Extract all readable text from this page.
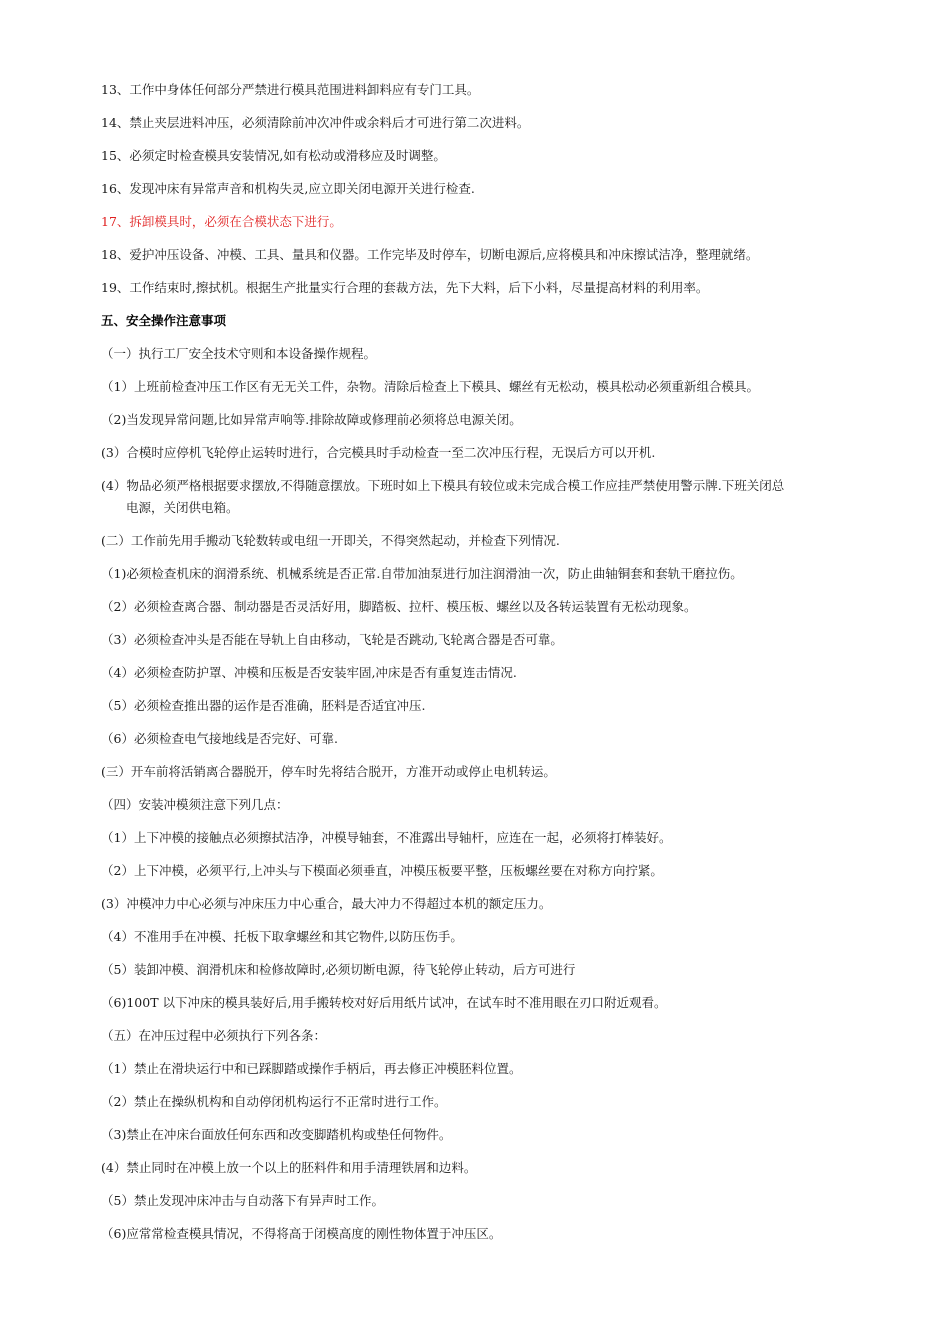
13、工作中身体任何部分严禁进行模具范围进料卸料应有专门工具。
14、禁止夹层进料冲压，必须清除前冲次冲件或余料后才可进行第二次进料。
15、必须定时检查模具安装情况,如有松动或滑移应及时调整。
16、发现冲床有异常声音和机构失灵,应立即关闭电源开关进行检查.
17、拆卸模具时，必须在合模状态下进行。
18、爱护冲压设备、冲模、工具、量具和仪器。工作完毕及时停车，切断电源后,应将模具和冲床擦试洁净，整理就绪。
19、工作结束时,擦拭机。根据生产批量实行合理的套裁方法，先下大料，后下小料，尽量提高材料的利用率。
五、安全操作注意事项
（一）执行工厂安全技术守则和本设备操作规程。
（1）上班前检查冲压工作区有无无关工件，杂物。清除后检查上下模具、螺丝有无松动，模具松动必须重新组合模具。
（2)当发现异常问题,比如异常声响等.排除故障或修理前必须将总电源关闭。
(3）合模时应停机飞轮停止运转时进行，合完模具时手动检查一至二次冲压行程，无误后方可以开机.
(4）物品必须严格根据要求摆放,不得随意摆放。下班时如上下模具有较位或未完成合模工作应挂严禁使用警示牌.下班关闭总
电源，关闭供电箱。
(二）工作前先用手搬动飞轮数转或电纽一开即关，不得突然起动，并检查下列情况.
（1)必须检查机床的润滑系统、机械系统是否正常.自带加油泵进行加注润滑油一次，防止曲轴铜套和套轨干磨拉伤。
（2）必须检查离合器、制动器是否灵活好用，脚踏板、拉杆、模压板、螺丝以及各转运装置有无松动现象。
（3）必须检查冲头是否能在导轨上自由移动，飞轮是否跳动,飞轮离合器是否可靠。
（4）必须检查防护罩、冲模和压板是否安装牢固,冲床是否有重复连击情况.
（5）必须检查推出器的运作是否准确，胚料是否适宜冲压.
（6）必须检查电气接地线是否完好、可靠.
(三）开车前将活销离合器脱开，停车时先将结合脱开，方准开动或停止电机转运。
（四）安装冲模须注意下列几点：
（1）上下冲模的接触点必须擦拭洁净，冲模导轴套，不准露出导轴杆，应连在一起，必须将打棒装好。
（2）上下冲模，必须平行,上冲头与下模面必须垂直，冲模压板要平整，压板螺丝要在对称方向拧紧。
(3）冲模冲力中心必须与冲床压力中心重合，最大冲力不得超过本机的额定压力。
（4）不准用手在冲模、托板下取拿螺丝和其它物件,以防压伤手。
（5）装卸冲模、润滑机床和检修故障时,必须切断电源，待飞轮停止转动，后方可进行
（6)100T 以下冲床的模具装好后,用手搬转校对好后用纸片试冲，在试车时不准用眼在刃口附近观看。
（五）在冲压过程中必须执行下列各条：
（1）禁止在滑块运行中和已踩脚踏或操作手柄后，再去修正冲模胚料位置。
（2）禁止在操纵机构和自动停闭机构运行不正常时进行工作。
（3)禁止在冲床台面放任何东西和改变脚踏机构或垫任何物件。
(4）禁止同时在冲模上放一个以上的胚料件和用手清理铁屑和边料。
（5）禁止发现冲床冲击与自动落下有异声时工作。
（6)应常常检查模具情况，不得将高于闭模高度的刚性物体置于冲压区。
